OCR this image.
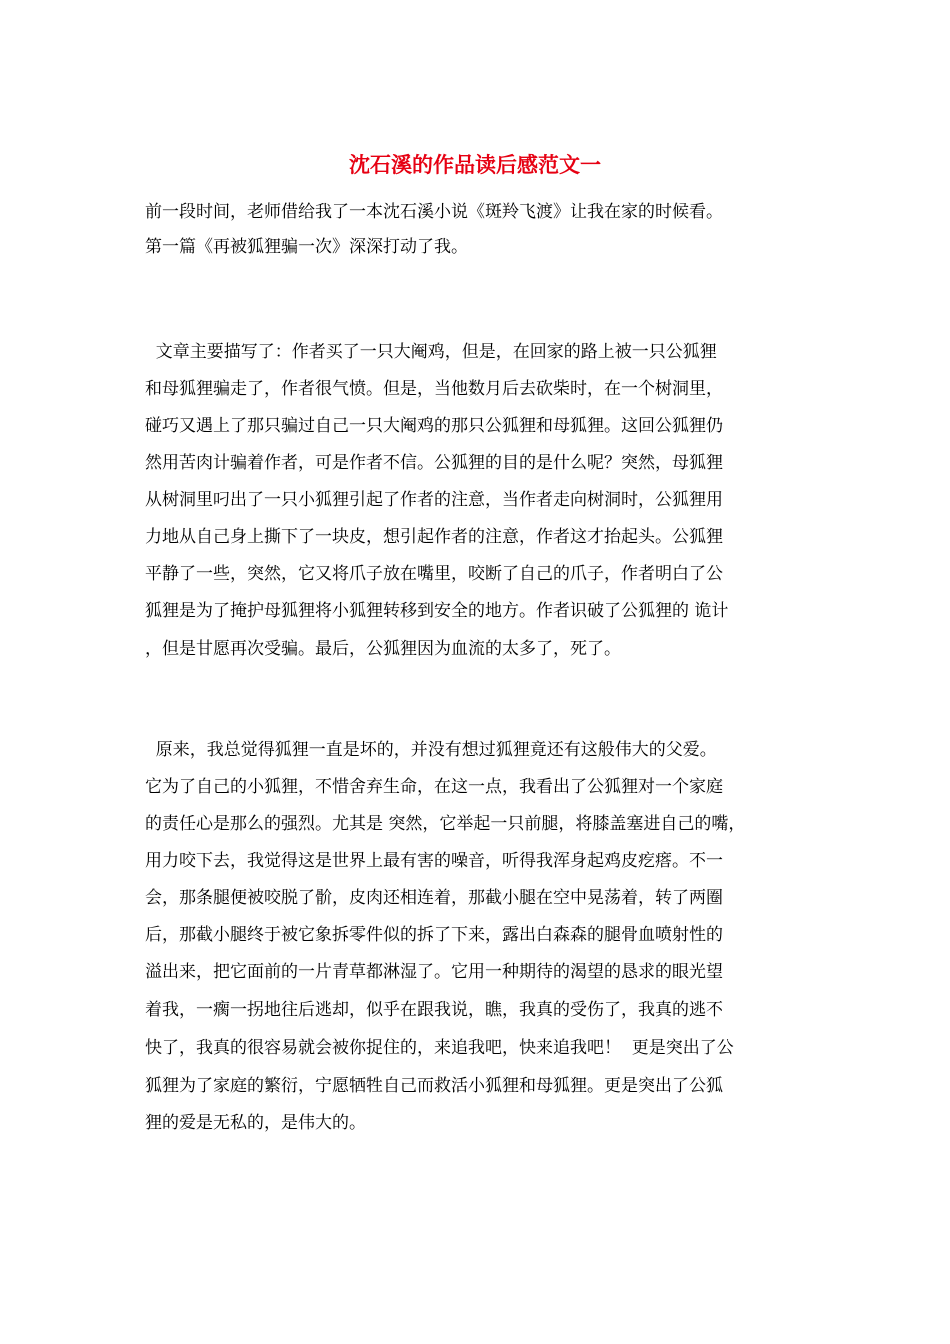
沈石溪的作品读后感范文一
前一段时间，老师借给我了一本沈石溪小说《斑羚飞渡》让我在家的时候看。
第一篇《再被狐狸骗一次》深深打动了我。
文章主要描写了：作者买了一只大阉鸡，但是，在回家的路上被一只公狐狸
和母狐狸骗走了，作者很气愤。但是，当他数月后去砍柴时，在一个树洞里，
碰巧又遇上了那只骗过自己一只大阉鸡的那只公狐狸和母狐狸。这回公狐狸仍
然用苦肉计骗着作者，可是作者不信。公狐狸的目的是什么呢？突然，母狐狸
从树洞里叼出了一只小狐狸引起了作者的注意，当作者走向树洞时，公狐狸用
力地从自己身上撕下了一块皮，想引起作者的注意，作者这才抬起头。公狐狸
平静了一些，突然，它又将爪子放在嘴里，咬断了自己的爪子，作者明白了公
狐狸是为了掩护母狐狸将小狐狸转移到安全的地方。作者识破了公狐狸的 诡计
，但是甘愿再次受骗。最后，公狐狸因为血流的太多了，死了。
原来，我总觉得狐狸一直是坏的，并没有想过狐狸竟还有这般伟大的父爱。
它为了自己的小狐狸，不惜舍弃生命，在这一点，我看出了公狐狸对一个家庭
的责任心是那么的强烈。尤其是 突然，它举起一只前腿，将膝盖塞进自己的嘴，
用力咬下去，我觉得这是世界上最有害的噪音，听得我浑身起鸡皮疙瘩。不一
会，那条腿便被咬脱了骱，皮肉还相连着，那截小腿在空中晃荡着，转了两圈
后，那截小腿终于被它象拆零件似的拆了下来，露出白森森的腿骨血喷射性的
溢出来，把它面前的一片青草都淋湿了。它用一种期待的渴望的恳求的眼光望
着我，一瘸一拐地往后逃却，似乎在跟我说，瞧，我真的受伤了，我真的逃不
快了，我真的很容易就会被你捉住的，来追我吧，快来追我吧！  更是突出了公
狐狸为了家庭的繁衍，宁愿牺牲自己而救活小狐狸和母狐狸。更是突出了公狐
狸的爱是无私的，是伟大的。
